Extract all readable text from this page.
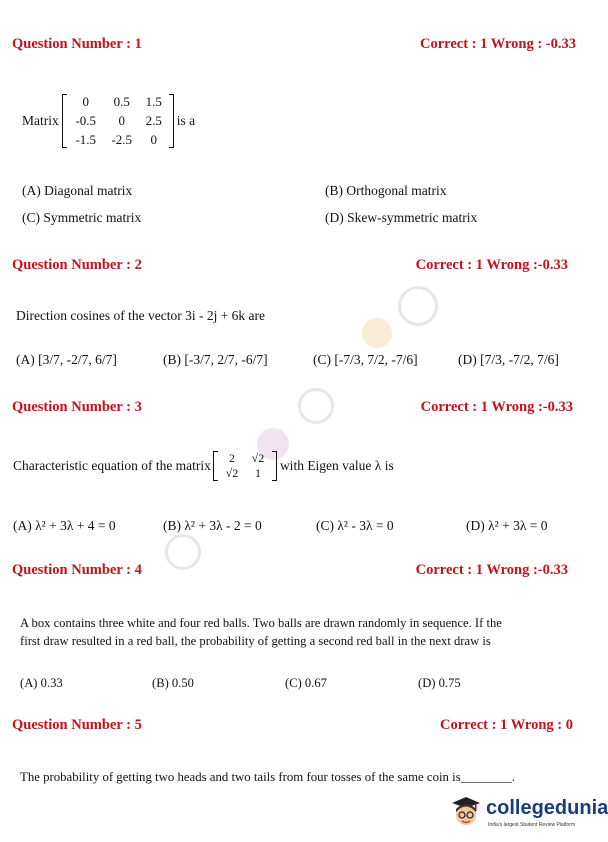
Question Number : 1	Correct : 1 Wrong : -0.33
Matrix
0	0.5	1.5
-0.5	0	2.5
-1.5	-2.5	0
is a
(A) Diagonal matrix	(B) Orthogonal matrix
(C) Symmetric matrix	(D) Skew-symmetric matrix
Question Number : 2	Correct : 1 Wrong :-0.33
Direction cosines of the vector 3i - 2j + 6k are
(A) [3/7, -2/7, 6/7]	(B) [-3/7, 2/7, -6/7]	(C) [-7/3, 7/2, -7/6]	(D) [7/3, -7/2, 7/6]
Question Number : 3	Correct : 1 Wrong :-0.33
Characteristic equation of the matrix	2	√2
√2	1	with Eigen value λ is
(A) λ² + 3λ + 4 = 0	(B) λ² + 3λ - 2 = 0	(C) λ² - 3λ = 0	(D) λ² + 3λ = 0
Question Number : 4	Correct : 1 Wrong :-0.33
A box contains three white and four red balls. Two balls are drawn randomly in sequence. If the
first draw resulted in a red ball, the probability of getting a second red ball in the next draw is
(A) 0.33	(B) 0.50	(C) 0.67	(D) 0.75
Question Number : 5	Correct : 1 Wrong : 0
The probability of getting two heads and two tails from four tosses of the same coin is________.
collegedunia
India's largest Student Review Platform
